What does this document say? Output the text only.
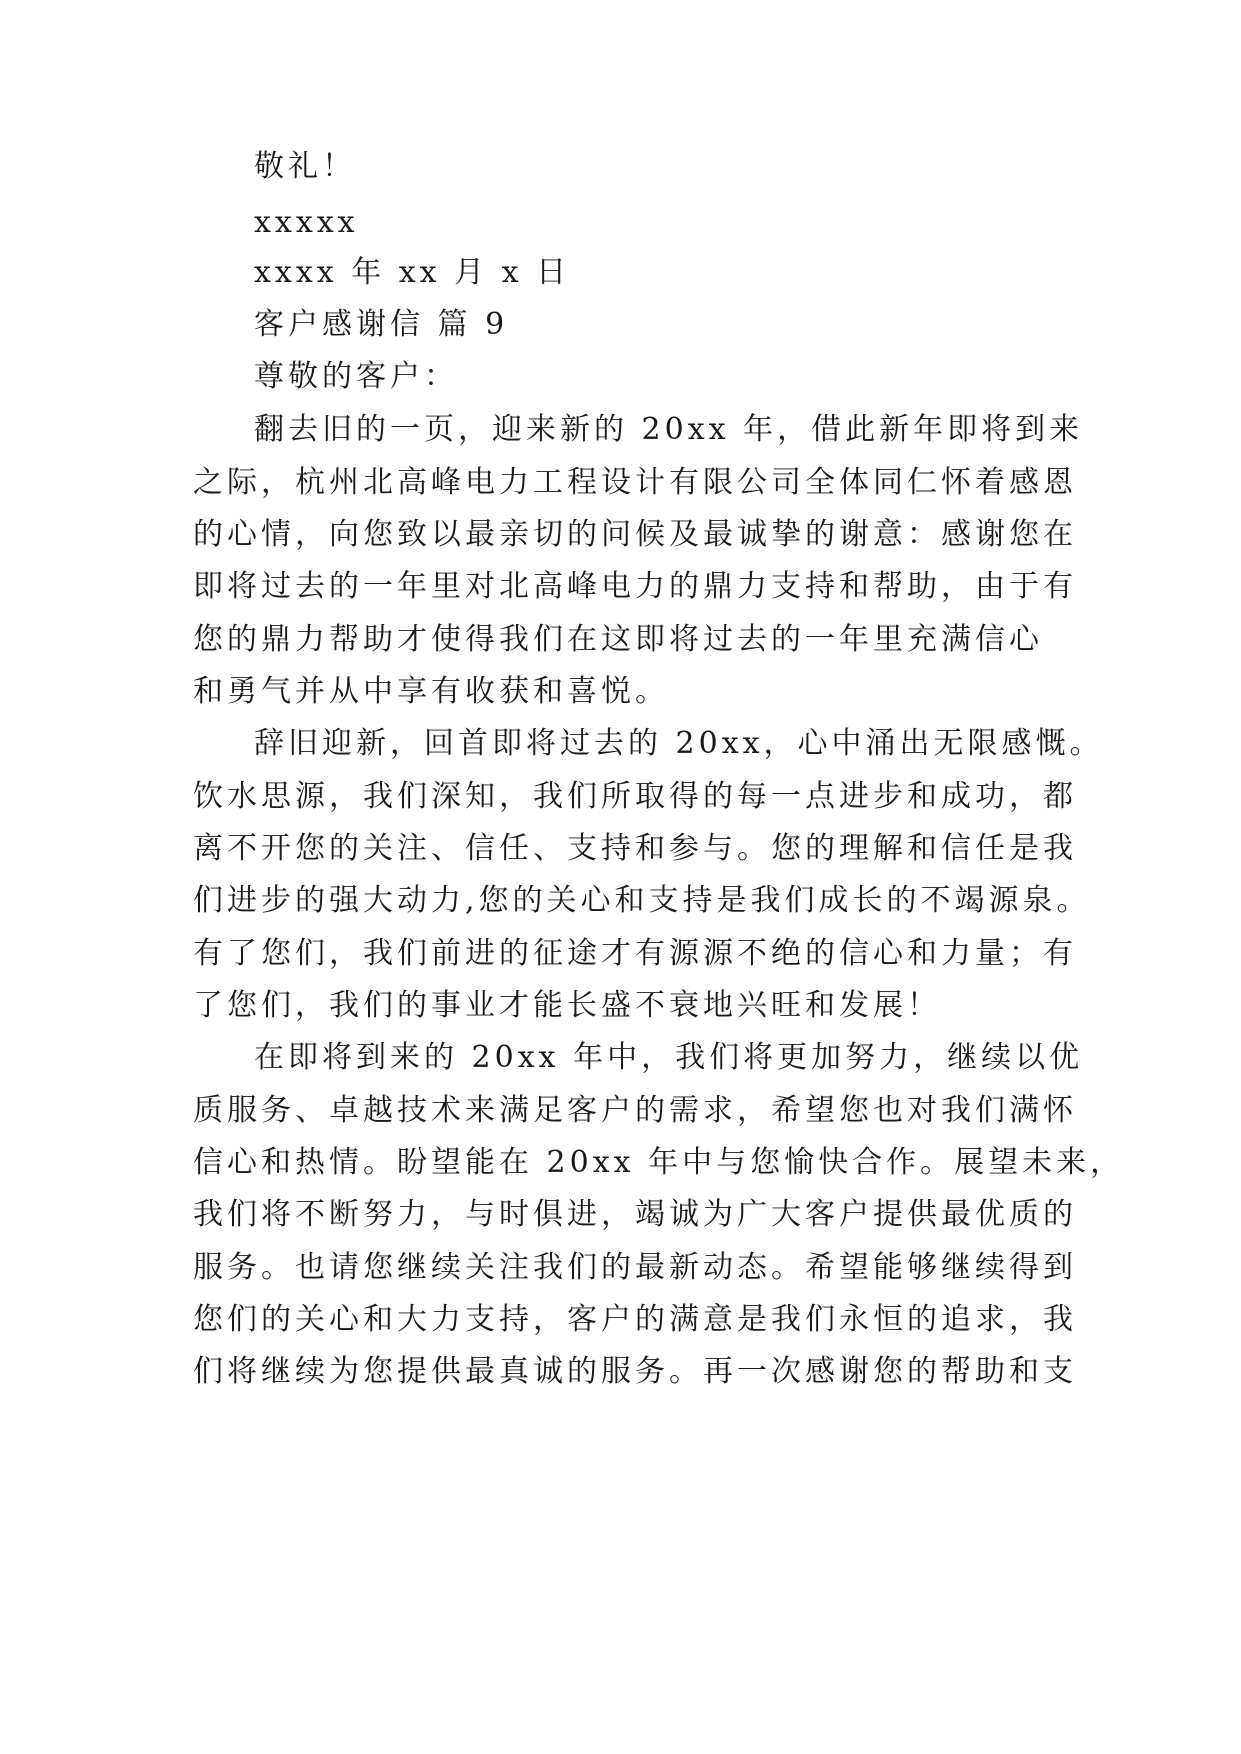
敬礼！
xxxxx
xxxx 年 xx 月 x 日
客户感谢信 篇 9
尊敬的客户：
翻去旧的一页，迎来新的 20xx 年，借此新年即将到来
之际，杭州北高峰电力工程设计有限公司全体同仁怀着感恩
的心情，向您致以最亲切的问候及最诚挚的谢意：感谢您在
即将过去的一年里对北高峰电力的鼎力支持和帮助，由于有
您的鼎力帮助才使得我们在这即将过去的一年里充满信心
和勇气并从中享有收获和喜悦。
辞旧迎新，回首即将过去的 20xx，心中涌出无限感慨。
饮水思源，我们深知，我们所取得的每一点进步和成功，都
离不开您的关注、信任、支持和参与。您的理解和信任是我
们进步的强大动力,您的关心和支持是我们成长的不竭源泉。
有了您们，我们前进的征途才有源源不绝的信心和力量；有
了您们，我们的事业才能长盛不衰地兴旺和发展！
在即将到来的 20xx 年中，我们将更加努力，继续以优
质服务、卓越技术来满足客户的需求，希望您也对我们满怀
信心和热情。盼望能在 20xx 年中与您愉快合作。展望未来，
我们将不断努力，与时俱进，竭诚为广大客户提供最优质的
服务。也请您继续关注我们的最新动态。希望能够继续得到
您们的关心和大力支持，客户的满意是我们永恒的追求，我
们将继续为您提供最真诚的服务。再一次感谢您的帮助和支
